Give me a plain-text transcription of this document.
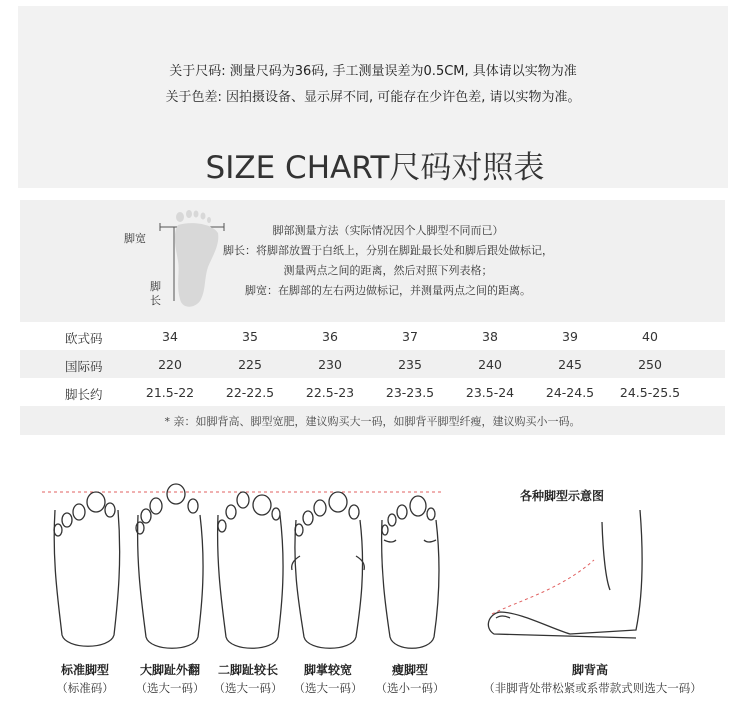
关于尺码: 测量尺码为36码, 手工测量误差为0.5CM, 具体请以实物为准
关于色差: 因拍摄设备、显示屏不同, 可能存在少许色差, 请以实物为准。
SIZE CHART尺码对照表
脚宽
脚
长
脚部测量方法（实际情况因个人脚型不同而已）
脚长：将脚部放置于白纸上，分别在脚趾最长处和脚后跟处做标记，
测量两点之间的距离，然后对照下列表格；
脚宽：在脚部的左右两边做标记，并测量两点之间的距离。
欧式码	34	35	36	37	38	39	40
国际码	220	225	230	235	240	245	250
脚长约	21.5-22	22-22.5	22.5-23	23-23.5	23.5-24	24-24.5	24.5-25.5
* 亲：如脚背高、脚型宽肥，建议购买大一码，如脚背平脚型纤瘦，建议购买小一码。
各种脚型示意图
标准脚型
（标准码）
大脚趾外翻
（选大一码）
二脚趾较长
（选大一码）
脚掌较宽
（选大一码）
瘦脚型
（选小一码）
脚背高
（非脚背处带松紧或系带款式则选大一码）
